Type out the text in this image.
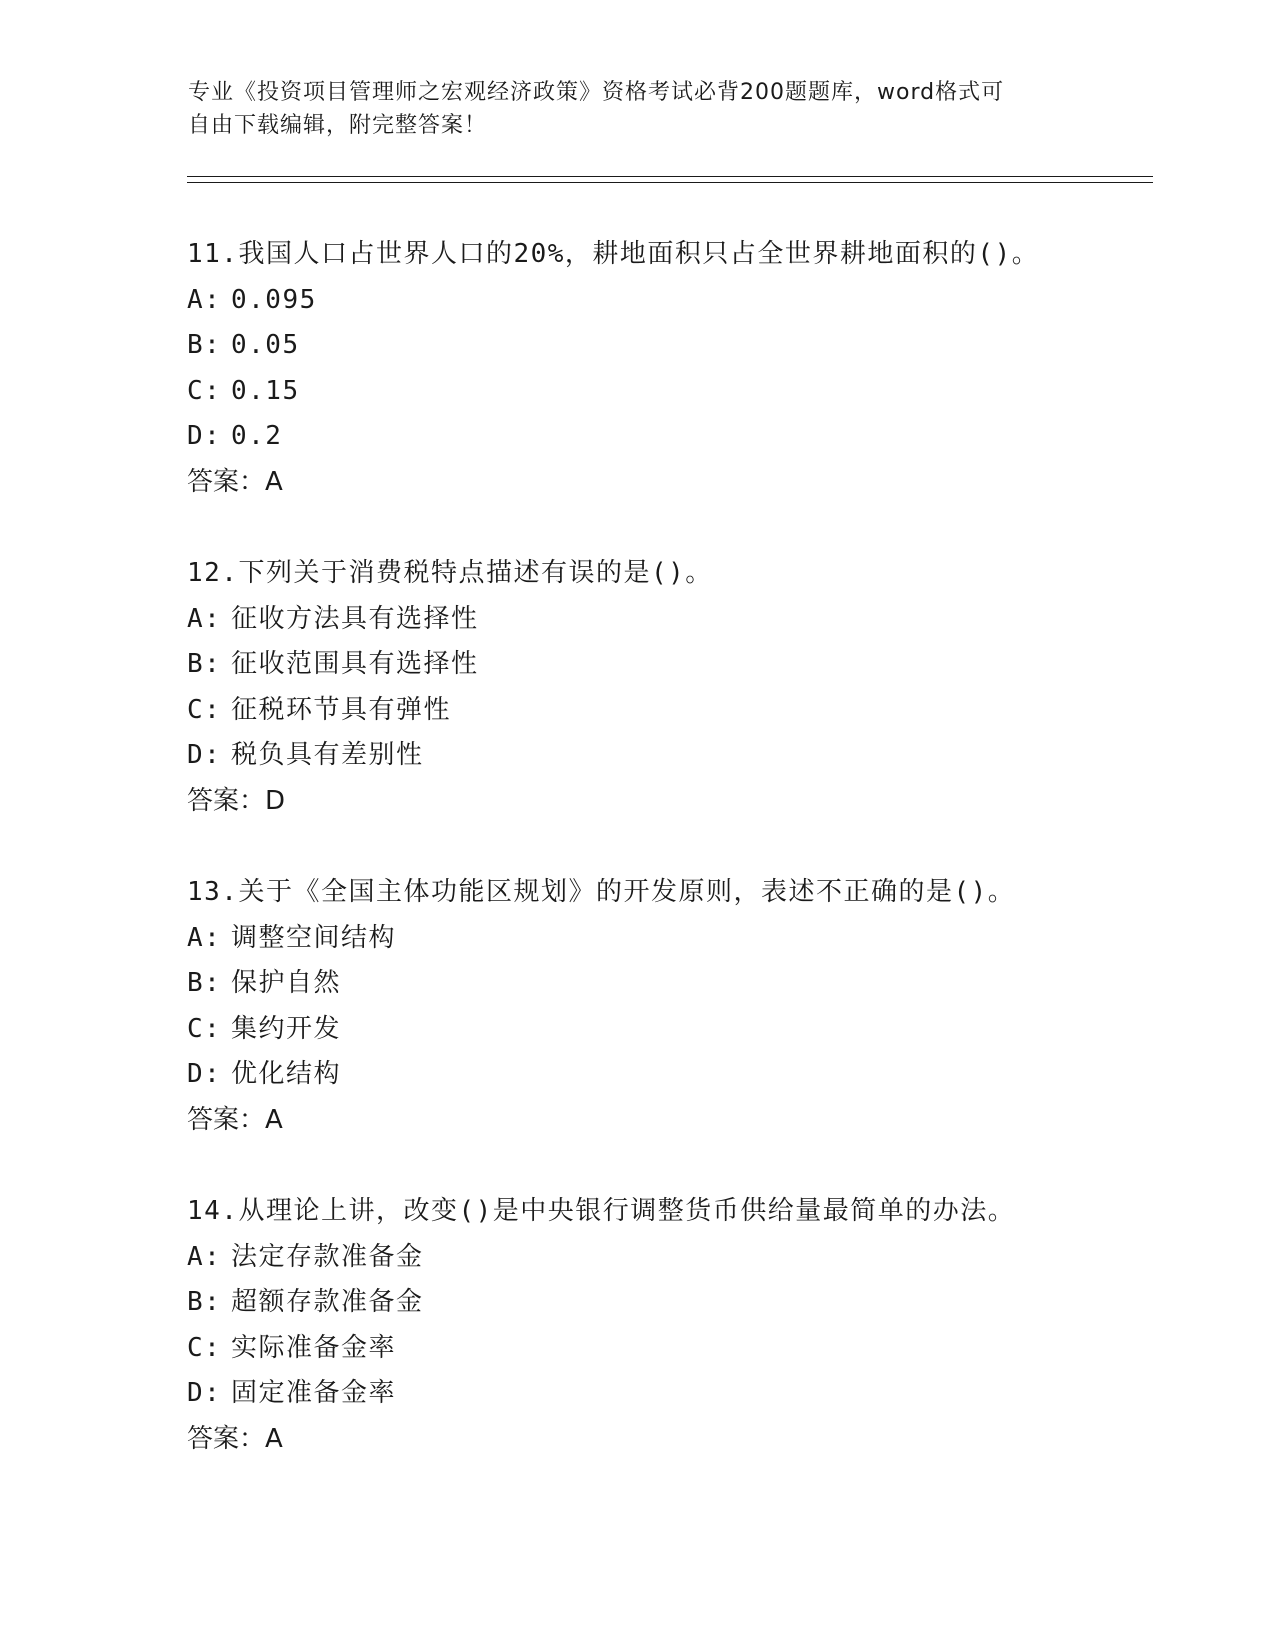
专业《投资项目管理师之宏观经济政策》资格考试必背200题题库，word格式可
自由下载编辑，附完整答案！
11.我国人口占世界人口的20%，耕地面积只占全世界耕地面积的()。
A: 0.095
B: 0.05
C: 0.15
D: 0.2
答案：A
12.下列关于消费税特点描述有误的是()。
A: 征收方法具有选择性
B: 征收范围具有选择性
C: 征税环节具有弹性
D: 税负具有差别性
答案：D
13.关于《全国主体功能区规划》的开发原则，表述不正确的是()。
A: 调整空间结构
B: 保护自然
C: 集约开发
D: 优化结构
答案：A
14.从理论上讲，改变()是中央银行调整货币供给量最简单的办法。
A: 法定存款准备金
B: 超额存款准备金
C: 实际准备金率
D: 固定准备金率
答案：A
